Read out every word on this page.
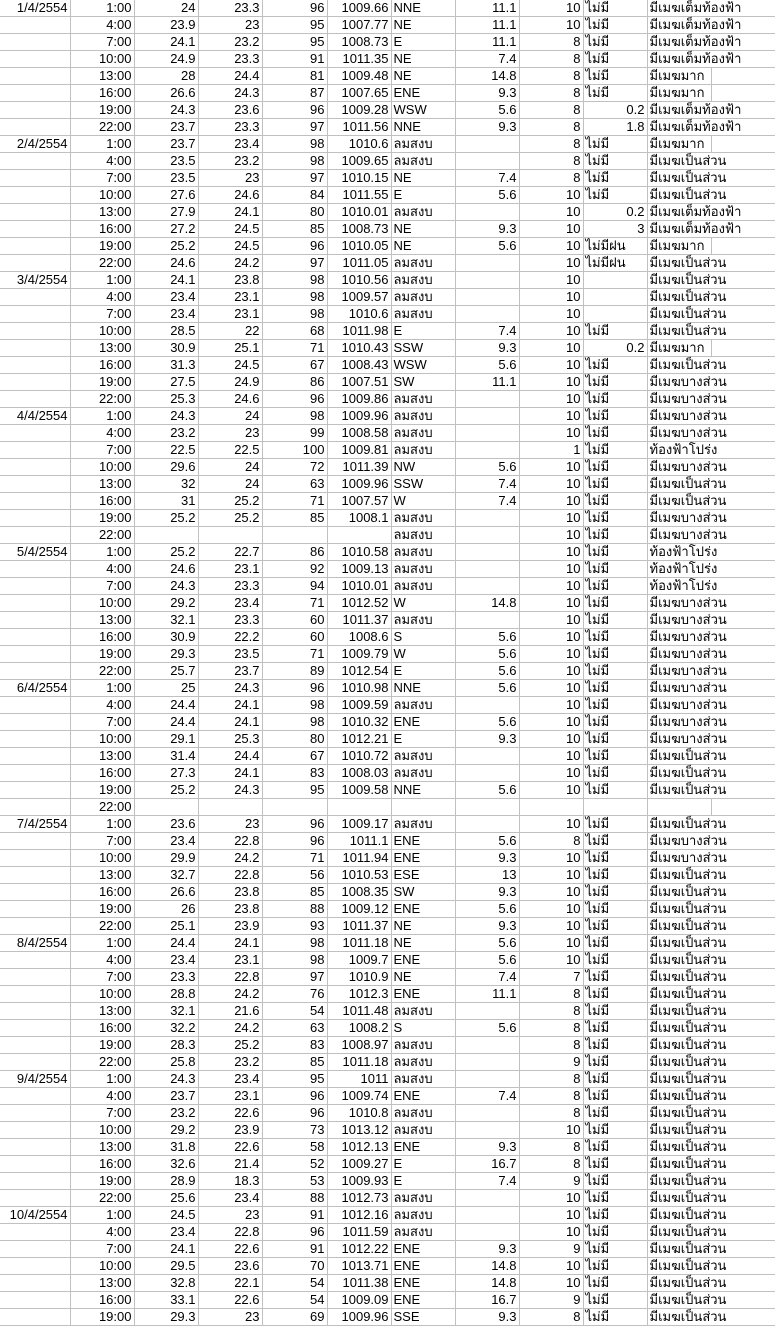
1/4/2554	1:00	24	23.3	96	1009.66	NNE	11.1	10	ไม่มี	มีเมฆเต็มท้องฟ้า	

	4:00	23.9	23	95	1007.77	NE	11.1	10	ไม่มี	มีเมฆเต็มท้องฟ้า	

	7:00	24.1	23.2	95	1008.73	E	11.1	8	ไม่มี	มีเมฆเต็มท้องฟ้า	

	10:00	24.9	23.3	91	1011.35	NE	7.4	8	ไม่มี	มีเมฆเต็มท้องฟ้า	

	13:00	28	24.4	81	1009.48	NE	14.8	8	ไม่มี	มีเมฆมาก	

	16:00	26.6	24.3	87	1007.65	ENE	9.3	8	ไม่มี	มีเมฆมาก	

	19:00	24.3	23.6	96	1009.28	WSW	5.6	8	0.2	มีเมฆเต็มท้องฟ้า	

	22:00	23.7	23.3	97	1011.56	NNE	9.3	8	1.8	มีเมฆเต็มท้องฟ้า	

2/4/2554	1:00	23.7	23.4	98	1010.6	ลมสงบ		8	ไม่มี	มีเมฆมาก	

	4:00	23.5	23.2	98	1009.65	ลมสงบ		8	ไม่มี	มีเมฆเป็นส่วน	

	7:00	23.5	23	97	1010.15	NE	7.4	8	ไม่มี	มีเมฆเป็นส่วน	

	10:00	27.6	24.6	84	1011.55	E	5.6	10	ไม่มี	มีเมฆเป็นส่วน	

	13:00	27.9	24.1	80	1010.01	ลมสงบ		10	0.2	มีเมฆเต็มท้องฟ้า	

	16:00	27.2	24.5	85	1008.73	NE	9.3	10	3	มีเมฆเต็มท้องฟ้า	

	19:00	25.2	24.5	96	1010.05	NE	5.6	10	ไม่มีฝน	มีเมฆมาก	

	22:00	24.6	24.2	97	1011.05	ลมสงบ		10	ไม่มีฝน	มีเมฆเป็นส่วน	

3/4/2554	1:00	24.1	23.8	98	1010.56	ลมสงบ		10		มีเมฆเป็นส่วน	

	4:00	23.4	23.1	98	1009.57	ลมสงบ		10		มีเมฆเป็นส่วน	

	7:00	23.4	23.1	98	1010.6	ลมสงบ		10		มีเมฆเป็นส่วน	

	10:00	28.5	22	68	1011.98	E	7.4	10	ไม่มี	มีเมฆเป็นส่วน	

	13:00	30.9	25.1	71	1010.43	SSW	9.3	10	0.2	มีเมฆมาก	

	16:00	31.3	24.5	67	1008.43	WSW	5.6	10	ไม่มี	มีเมฆเป็นส่วน	

	19:00	27.5	24.9	86	1007.51	SW	11.1	10	ไม่มี	มีเมฆบางส่วน	

	22:00	25.3	24.6	96	1009.86	ลมสงบ		10	ไม่มี	มีเมฆบางส่วน	

4/4/2554	1:00	24.3	24	98	1009.96	ลมสงบ		10	ไม่มี	มีเมฆบางส่วน	

	4:00	23.2	23	99	1008.58	ลมสงบ		10	ไม่มี	มีเมฆบางส่วน	

	7:00	22.5	22.5	100	1009.81	ลมสงบ		1	ไม่มี	ท้องฟ้าโปร่ง	

	10:00	29.6	24	72	1011.39	NW	5.6	10	ไม่มี	มีเมฆบางส่วน	

	13:00	32	24	63	1009.96	SSW	7.4	10	ไม่มี	มีเมฆเป็นส่วน	

	16:00	31	25.2	71	1007.57	W	7.4	10	ไม่มี	มีเมฆเป็นส่วน	

	19:00	25.2	25.2	85	1008.1	ลมสงบ		10	ไม่มี	มีเมฆบางส่วน	

	22:00					ลมสงบ		10	ไม่มี	มีเมฆบางส่วน	

5/4/2554	1:00	25.2	22.7	86	1010.58	ลมสงบ		10	ไม่มี	ท้องฟ้าโปร่ง	

	4:00	24.6	23.1	92	1009.13	ลมสงบ		10	ไม่มี	ท้องฟ้าโปร่ง	

	7:00	24.3	23.3	94	1010.01	ลมสงบ		10	ไม่มี	ท้องฟ้าโปร่ง	

	10:00	29.2	23.4	71	1012.52	W	14.8	10	ไม่มี	มีเมฆบางส่วน	

	13:00	32.1	23.3	60	1011.37	ลมสงบ		10	ไม่มี	มีเมฆบางส่วน	

	16:00	30.9	22.2	60	1008.6	S	5.6	10	ไม่มี	มีเมฆบางส่วน	

	19:00	29.3	23.5	71	1009.79	W	5.6	10	ไม่มี	มีเมฆบางส่วน	

	22:00	25.7	23.7	89	1012.54	E	5.6	10	ไม่มี	มีเมฆบางส่วน	

6/4/2554	1:00	25	24.3	96	1010.98	NNE	5.6	10	ไม่มี	มีเมฆบางส่วน	

	4:00	24.4	24.1	98	1009.59	ลมสงบ		10	ไม่มี	มีเมฆบางส่วน	

	7:00	24.4	24.1	98	1010.32	ENE	5.6	10	ไม่มี	มีเมฆบางส่วน	

	10:00	29.1	25.3	80	1012.21	E	9.3	10	ไม่มี	มีเมฆบางส่วน	

	13:00	31.4	24.4	67	1010.72	ลมสงบ		10	ไม่มี	มีเมฆเป็นส่วน	

	16:00	27.3	24.1	83	1008.03	ลมสงบ		10	ไม่มี	มีเมฆเป็นส่วน	

	19:00	25.2	24.3	95	1009.58	NNE	5.6	10	ไม่มี	มีเมฆเป็นส่วน	

	22:00									

7/4/2554	1:00	23.6	23	96	1009.17	ลมสงบ		10	ไม่มี	มีเมฆเป็นส่วน	

	7:00	23.4	22.8	96	1011.1	ENE	5.6	8	ไม่มี	มีเมฆบางส่วน	

	10:00	29.9	24.2	71	1011.94	ENE	9.3	10	ไม่มี	มีเมฆบางส่วน	

	13:00	32.7	22.8	56	1010.53	ESE	13	10	ไม่มี	มีเมฆเป็นส่วน	

	16:00	26.6	23.8	85	1008.35	SW	9.3	10	ไม่มี	มีเมฆเป็นส่วน	

	19:00	26	23.8	88	1009.12	ENE	5.6	10	ไม่มี	มีเมฆเป็นส่วน	

	22:00	25.1	23.9	93	1011.37	NE	9.3	10	ไม่มี	มีเมฆเป็นส่วน	

8/4/2554	1:00	24.4	24.1	98	1011.18	NE	5.6	10	ไม่มี	มีเมฆเป็นส่วน	

	4:00	23.4	23.1	98	1009.7	ENE	5.6	10	ไม่มี	มีเมฆเป็นส่วน	

	7:00	23.3	22.8	97	1010.9	NE	7.4	7	ไม่มี	มีเมฆเป็นส่วน	

	10:00	28.8	24.2	76	1012.3	ENE	11.1	8	ไม่มี	มีเมฆเป็นส่วน	

	13:00	32.1	21.6	54	1011.48	ลมสงบ		8	ไม่มี	มีเมฆเป็นส่วน	

	16:00	32.2	24.2	63	1008.2	S	5.6	8	ไม่มี	มีเมฆเป็นส่วน	

	19:00	28.3	25.2	83	1008.97	ลมสงบ		8	ไม่มี	มีเมฆเป็นส่วน	

	22:00	25.8	23.2	85	1011.18	ลมสงบ		9	ไม่มี	มีเมฆเป็นส่วน	

9/4/2554	1:00	24.3	23.4	95	1011	ลมสงบ		8	ไม่มี	มีเมฆเป็นส่วน	

	4:00	23.7	23.1	96	1009.74	ENE	7.4	8	ไม่มี	มีเมฆเป็นส่วน	

	7:00	23.2	22.6	96	1010.8	ลมสงบ		8	ไม่มี	มีเมฆเป็นส่วน	

	10:00	29.2	23.9	73	1013.12	ลมสงบ		10	ไม่มี	มีเมฆเป็นส่วน	

	13:00	31.8	22.6	58	1012.13	ENE	9.3	8	ไม่มี	มีเมฆเป็นส่วน	

	16:00	32.6	21.4	52	1009.27	E	16.7	8	ไม่มี	มีเมฆเป็นส่วน	

	19:00	28.9	18.3	53	1009.93	E	7.4	9	ไม่มี	มีเมฆเป็นส่วน	

	22:00	25.6	23.4	88	1012.73	ลมสงบ		10	ไม่มี	มีเมฆเป็นส่วน	

10/4/2554	1:00	24.5	23	91	1012.16	ลมสงบ		10	ไม่มี	มีเมฆเป็นส่วน	

	4:00	23.4	22.8	96	1011.59	ลมสงบ		10	ไม่มี	มีเมฆเป็นส่วน	

	7:00	24.1	22.6	91	1012.22	ENE	9.3	9	ไม่มี	มีเมฆเป็นส่วน	

	10:00	29.5	23.6	70	1013.71	ENE	14.8	10	ไม่มี	มีเมฆเป็นส่วน	

	13:00	32.8	22.1	54	1011.38	ENE	14.8	10	ไม่มี	มีเมฆเป็นส่วน	

	16:00	33.1	22.6	54	1009.09	ENE	16.7	9	ไม่มี	มีเมฆเป็นส่วน	

	19:00	29.3	23	69	1009.96	SSE	9.3	8	ไม่มี	มีเมฆเป็นส่วน	
